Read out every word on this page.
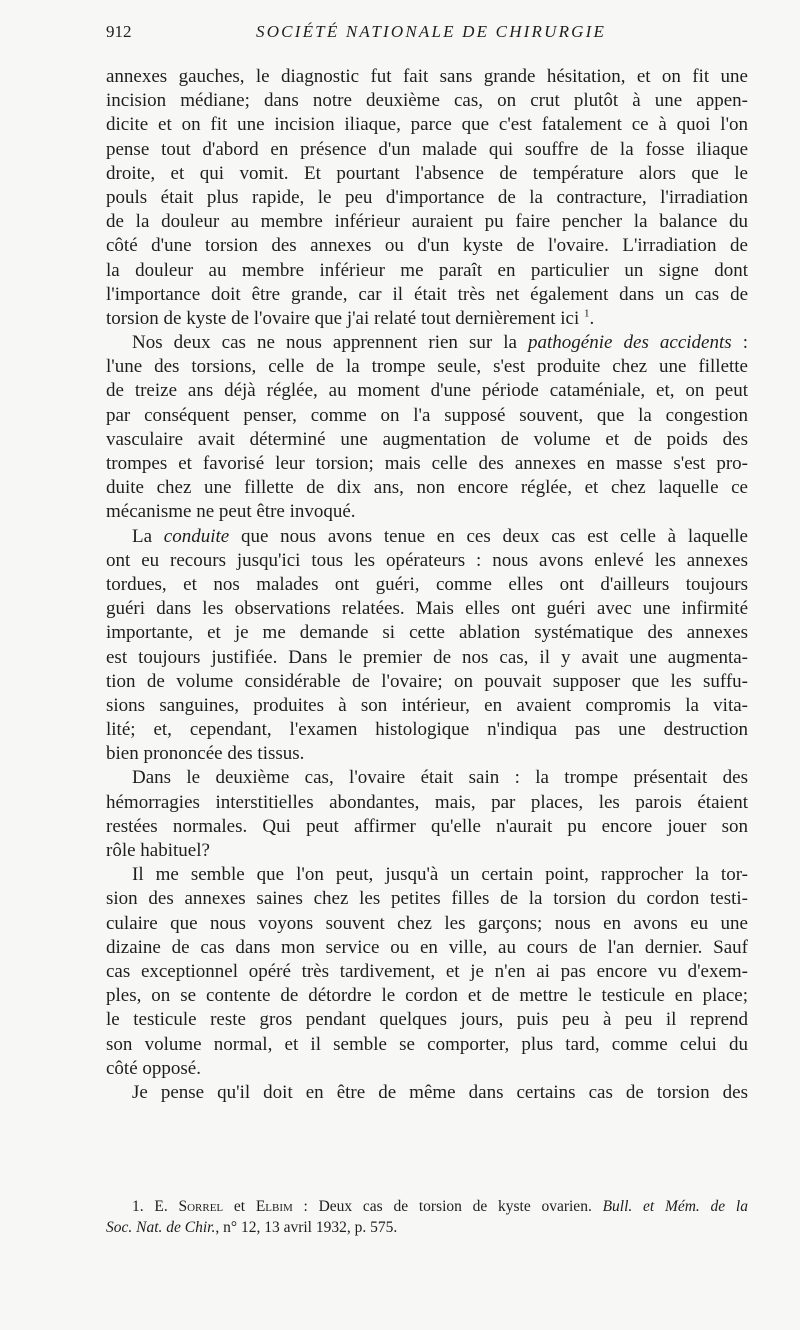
912	SOCIÉTÉ NATIONALE DE CHIRURGIE
annexes gauches, le diagnostic fut fait sans grande hésitation, et on fit une
incision médiane; dans notre deuxième cas, on crut plutôt à une appen-
dicite et on fit une incision iliaque, parce que c'est fatalement ce à quoi l'on
pense tout d'abord en présence d'un malade qui souffre de la fosse iliaque
droite, et qui vomit. Et pourtant l'absence de température alors que le
pouls était plus rapide, le peu d'importance de la contracture, l'irradiation
de la douleur au membre inférieur auraient pu faire pencher la balance du
côté d'une torsion des annexes ou d'un kyste de l'ovaire. L'irradiation de
la douleur au membre inférieur me paraît en particulier un signe dont
l'importance doit être grande, car il était très net également dans un cas de
torsion de kyste de l'ovaire que j'ai relaté tout dernièrement ici $^1$.
Nos deux cas ne nous apprennent rien sur la pathogénie des accidents :
l'une des torsions, celle de la trompe seule, s'est produite chez une fillette
de treize ans déjà réglée, au moment d'une période cataméniale, et, on peut
par conséquent penser, comme on l'a supposé souvent, que la congestion
vasculaire avait déterminé une augmentation de volume et de poids des
trompes et favorisé leur torsion; mais celle des annexes en masse s'est pro-
duite chez une fillette de dix ans, non encore réglée, et chez laquelle ce
mécanisme ne peut être invoqué.
La conduite que nous avons tenue en ces deux cas est celle à laquelle
ont eu recours jusqu'ici tous les opérateurs : nous avons enlevé les annexes
tordues, et nos malades ont guéri, comme elles ont d'ailleurs toujours
guéri dans les observations relatées. Mais elles ont guéri avec une infirmité
importante, et je me demande si cette ablation systématique des annexes
est toujours justifiée. Dans le premier de nos cas, il y avait une augmenta-
tion de volume considérable de l'ovaire; on pouvait supposer que les suffu-
sions sanguines, produites à son intérieur, en avaient compromis la vita-
lité; et, cependant, l'examen histologique n'indiqua pas une destruction
bien prononcée des tissus.
Dans le deuxième cas, l'ovaire était sain : la trompe présentait des
hémorragies interstitielles abondantes, mais, par places, les parois étaient
restées normales. Qui peut affirmer qu'elle n'aurait pu encore jouer son
rôle habituel?
Il me semble que l'on peut, jusqu'à un certain point, rapprocher la tor-
sion des annexes saines chez les petites filles de la torsion du cordon testi-
culaire que nous voyons souvent chez les garçons; nous en avons eu une
dizaine de cas dans mon service ou en ville, au cours de l'an dernier. Sauf
cas exceptionnel opéré très tardivement, et je n'en ai pas encore vu d'exem-
ples, on se contente de détordre le cordon et de mettre le testicule en place;
le testicule reste gros pendant quelques jours, puis peu à peu il reprend
son volume normal, et il semble se comporter, plus tard, comme celui du
côté opposé.
Je pense qu'il doit en être de même dans certains cas de torsion des
1. E. Sorrel et Elbim : Deux cas de torsion de kyste ovarien. Bull. et Mém. de la
Soc. Nat. de Chir., n° 12, 13 avril 1932, p. 575.
